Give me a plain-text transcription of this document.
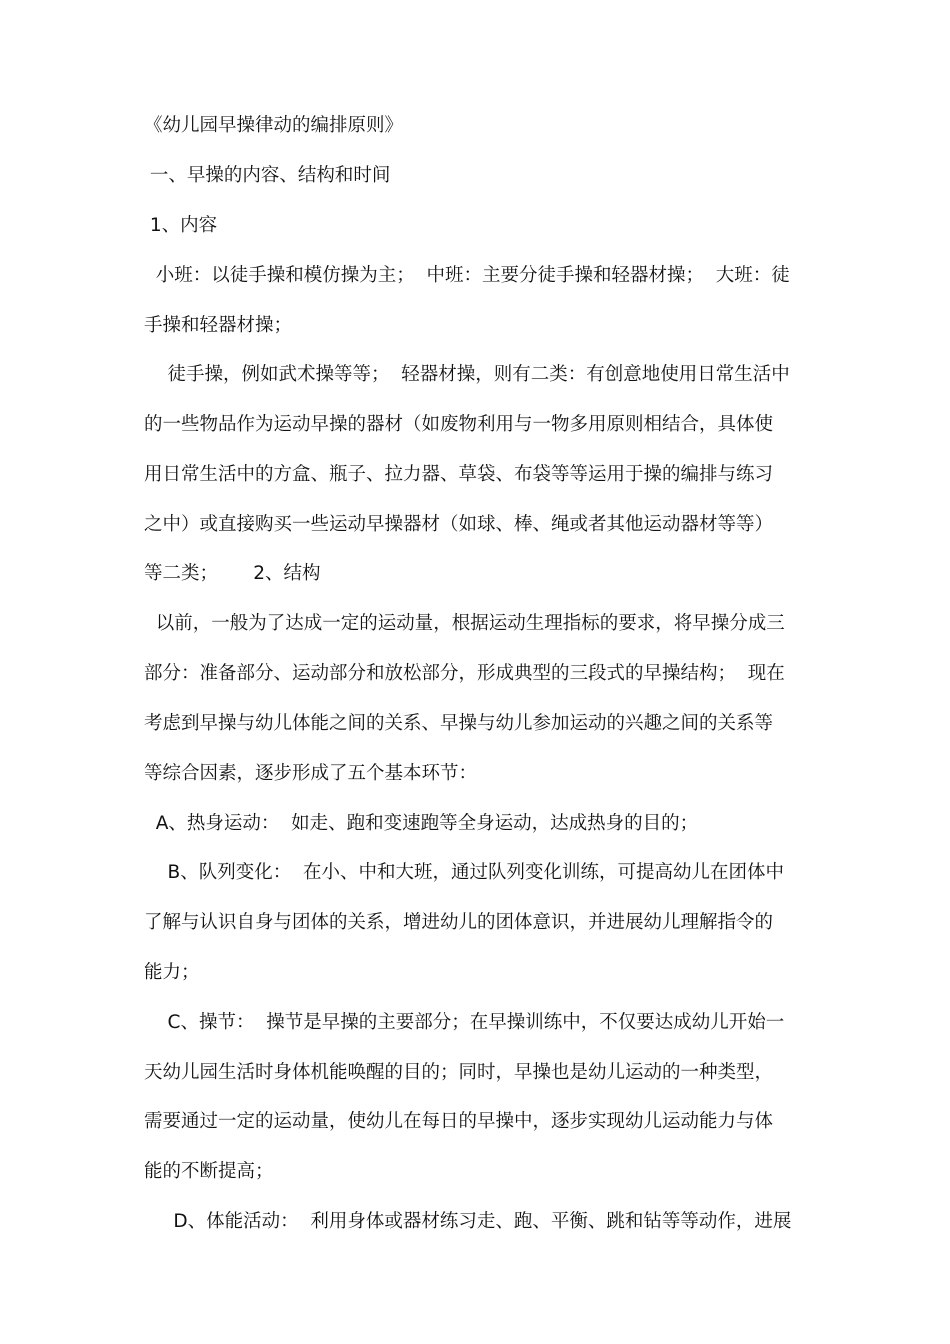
《幼儿园早操律动的编排原则》

一、早操的内容、结构和时间

1、内容

小班：以徒手操和模仿操为主；  中班：主要分徒手操和轻器材操；  大班：徒

手操和轻器材操；

徒手操，例如武术操等等；  轻器材操，则有二类：有创意地使用日常生活中

的一些物品作为运动早操的器材（如废物利用与一物多用原则相结合，具体使

用日常生活中的方盒、瓶子、拉力器、草袋、布袋等等运用于操的编排与练习

之中）或直接购买一些运动早操器材（如球、棒、绳或者其他运动器材等等）

等二类；      2、结构

以前，一般为了达成一定的运动量，根据运动生理指标的要求，将早操分成三

部分：准备部分、运动部分和放松部分，形成典型的三段式的早操结构；  现在

考虑到早操与幼儿体能之间的关系、早操与幼儿参加运动的兴趣之间的关系等

等综合因素，逐步形成了五个基本环节：

A、热身运动：  如走、跑和变速跑等全身运动，达成热身的目的；

B、队列变化：  在小、中和大班，通过队列变化训练，可提高幼儿在团体中

了解与认识自身与团体的关系，增进幼儿的团体意识，并进展幼儿理解指令的

能力；

C、操节：  操节是早操的主要部分；在早操训练中，不仅要达成幼儿开始一

天幼儿园生活时身体机能唤醒的目的；同时，早操也是幼儿运动的一种类型，

需要通过一定的运动量，使幼儿在每日的早操中，逐步实现幼儿运动能力与体

能的不断提高；

D、体能活动：  利用身体或器材练习走、跑、平衡、跳和钻等等动作，进展
